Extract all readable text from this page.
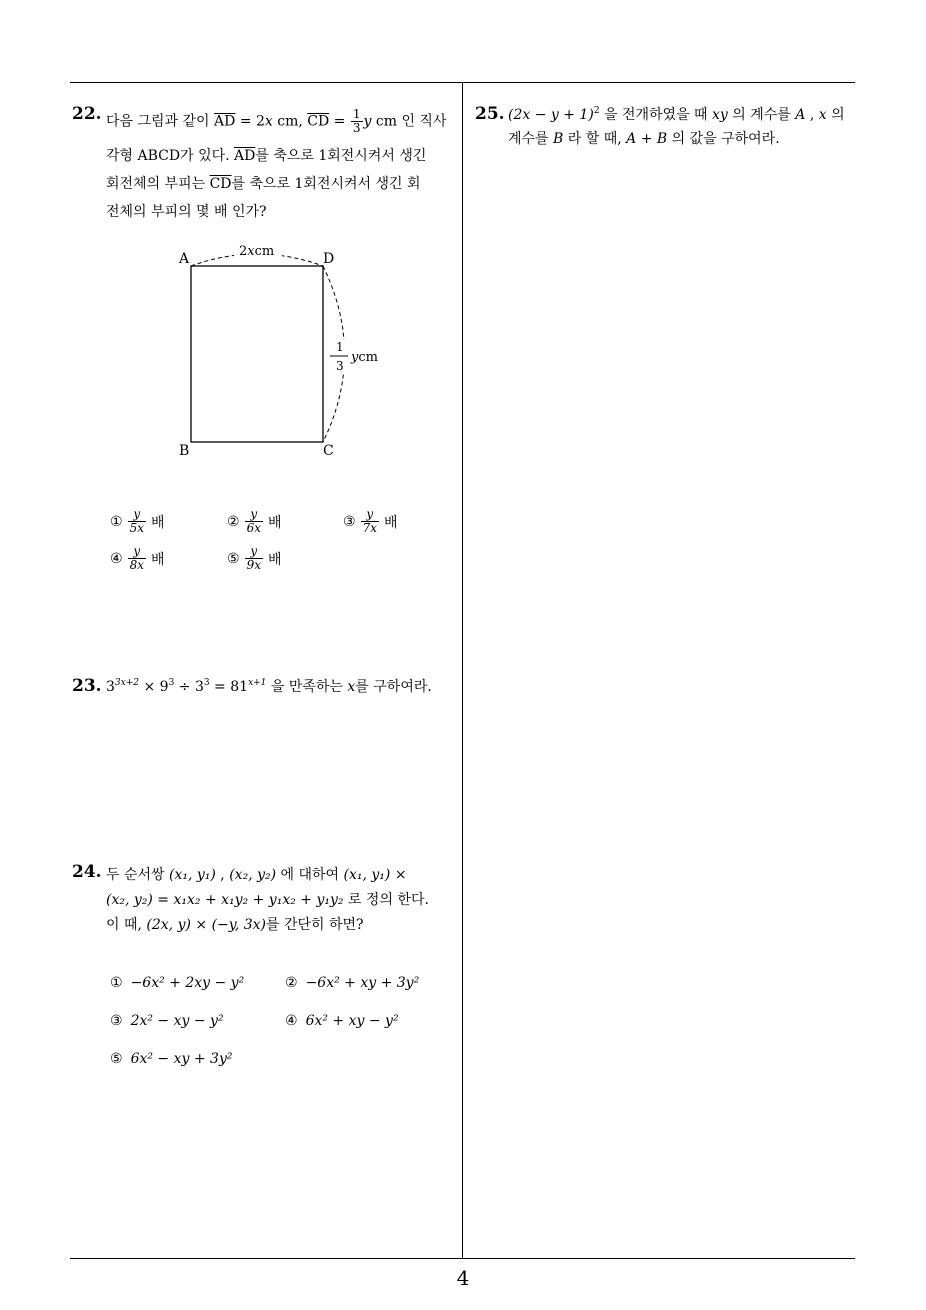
22. 다음 그림과 같이 $\overline{AD} = 2x$ cm, $\overline{CD} = \frac{1}{3}$ y cm 인 직사
각형 ABCD가 있다. $\overline{AD}$를 축으로 1회전시켜서 생긴
회전체의 부피는 $\overline{CD}$를 축으로 1회전시켜서 생긴 회
전체의 부피의 몇 배 인가?
2xcm
1
3
ycm
A	D
B	C
① $\frac{y}{5x}$ 배	② $\frac{y}{6x}$ 배	③ $\frac{y}{7x}$ 배
④ $\frac{y}{8x}$ 배	⑤ $\frac{y}{9x}$ 배
23. $3^{3x+2} \times 9^3 \div 3^3 = 81^{x+1}$ 을 만족하는 x를 구하여라.
24. 두 순서쌍 (x₁, y₁) , (x₂, y₂) 에 대하여 (x₁, y₁) ×
(x₂, y₂) = x₁x₂ + x₁y₂ + y₁x₂ + y₁y₂ 로 정의 한다.
이 때, (2x, y) × (−y, 3x)를 간단히 하면?
① −6x² + 2xy − y²	② −6x² + xy + 3y²
③ 2x² − xy − y²	④ 6x² + xy − y²
⑤ 6x² − xy + 3y²
25. $(2x - y + 1)^2$ 을 전개하였을 때 xy 의 계수를 A , x 의
계수를 B 라 할 때, A + B 의 값을 구하여라.
4
